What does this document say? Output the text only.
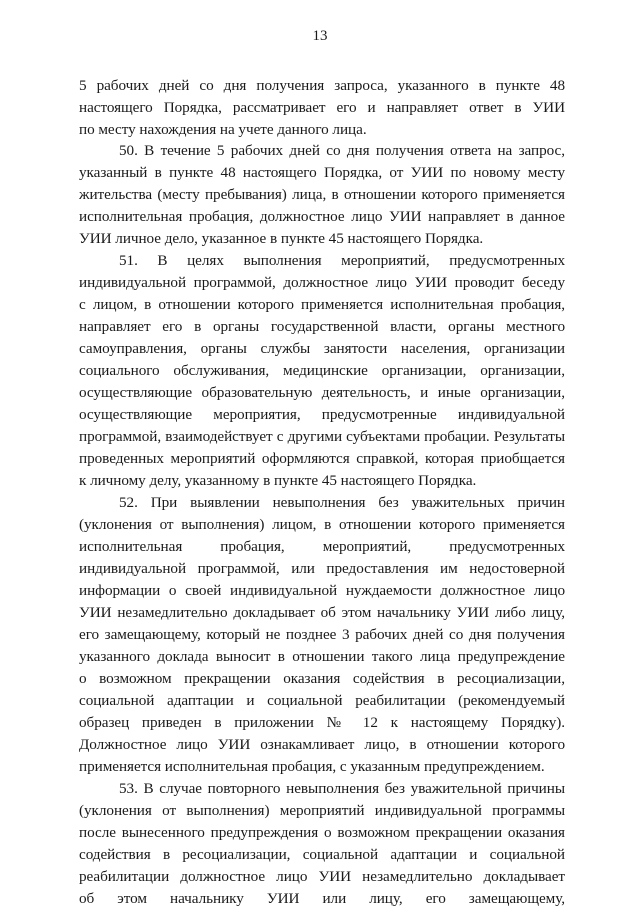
13
5 рабочих дней со дня получения запроса, указанного в пункте 48
настоящего Порядка, рассматривает его и направляет ответ в УИИ
по месту нахождения на учете данного лица.
50. В течение 5 рабочих дней со дня получения ответа на запрос,
указанный в пункте 48 настоящего Порядка, от УИИ по новому месту
жительства (месту пребывания) лица, в отношении которого применяется
исполнительная пробация, должностное лицо УИИ направляет в данное
УИИ личное дело, указанное в пункте 45 настоящего Порядка.
51. В целях выполнения мероприятий, предусмотренных
индивидуальной программой, должностное лицо УИИ проводит беседу
с лицом, в отношении которого применяется исполнительная пробация,
направляет его в органы государственной власти, органы местного
самоуправления, органы службы занятости населения, организации
социального обслуживания, медицинские организации, организации,
осуществляющие образовательную деятельность, и иные организации,
осуществляющие мероприятия, предусмотренные индивидуальной
программой, взаимодействует с другими субъектами пробации. Результаты
проведенных мероприятий оформляются справкой, которая приобщается
к личному делу, указанному в пункте 45 настоящего Порядка.
52. При выявлении невыполнения без уважительных причин
(уклонения от выполнения) лицом, в отношении которого применяется
исполнительная пробация, мероприятий, предусмотренных
индивидуальной программой, или предоставления им недостоверной
информации о своей индивидуальной нуждаемости должностное лицо
УИИ незамедлительно докладывает об этом начальнику УИИ либо лицу,
его замещающему, который не позднее 3 рабочих дней со дня получения
указанного доклада выносит в отношении такого лица предупреждение
о возможном прекращении оказания содействия в ресоциализации,
социальной адаптации и социальной реабилитации (рекомендуемый
образец приведен в приложении № 12 к настоящему Порядку).
Должностное лицо УИИ ознакамливает лицо, в отношении которого
применяется исполнительная пробация, с указанным предупреждением.
53. В случае повторного невыполнения без уважительной причины
(уклонения от выполнения) мероприятий индивидуальной программы
после вынесенного предупреждения о возможном прекращении оказания
содействия в ресоциализации, социальной адаптации и социальной
реабилитации должностное лицо УИИ незамедлительно докладывает
об этом начальнику УИИ или лицу, его замещающему,
